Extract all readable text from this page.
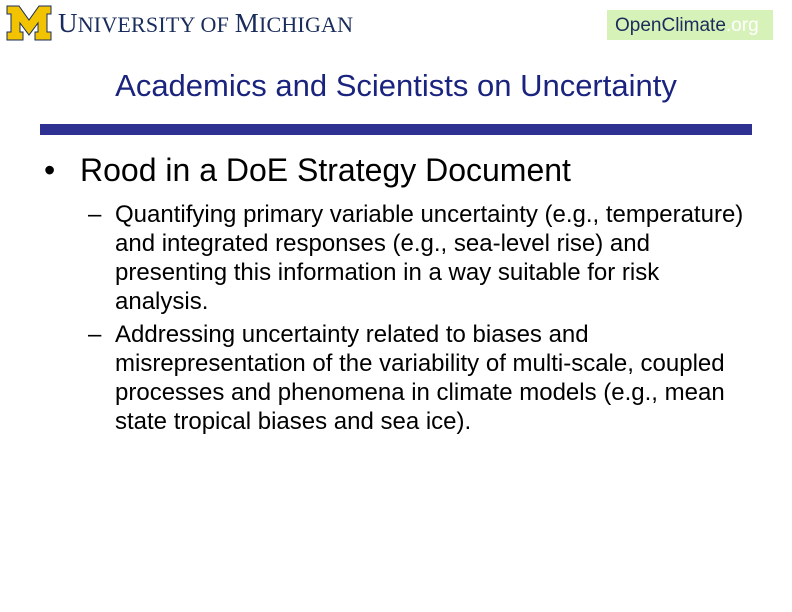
UNIVERSITY OF MICHIGAN	Open Climate .org
Academics and Scientists on Uncertainty
• Rood in a DoE Strategy Document
– Quantifying primary variable uncertainty (e.g., temperature) and integrated responses (e.g., sea-level rise) and presenting this information in a way suitable for risk analysis.
– Addressing uncertainty related to biases and misrepresentation of the variability of multi-scale, coupled processes and phenomena in climate models (e.g., mean state tropical biases and sea ice).
